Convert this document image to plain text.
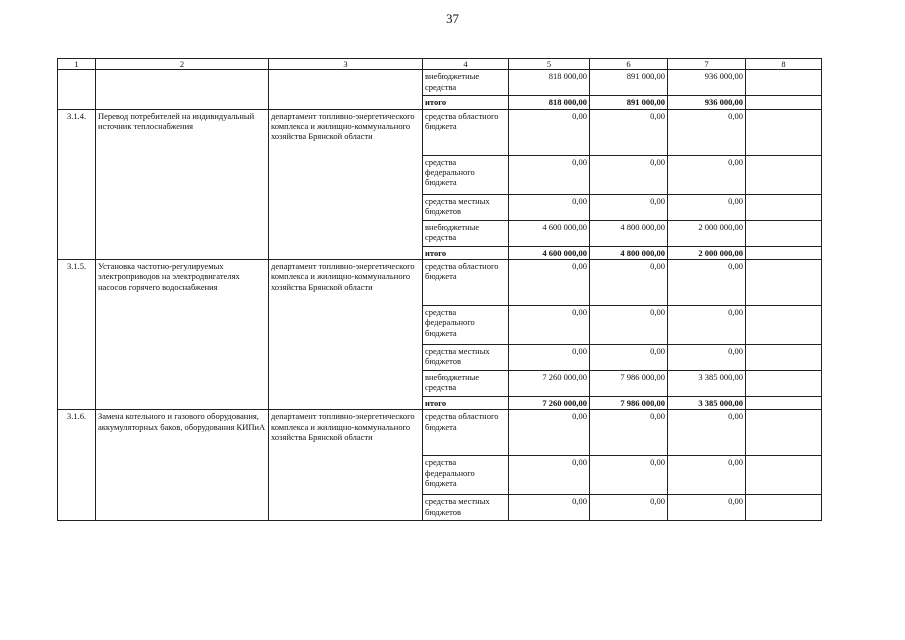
37
1	2	3	4	5	6	7	8
			внебюджетные средства	818 000,00	891 000,00	936 000,00	
			итого	818 000,00	891 000,00	936 000,00	
3.1.4.	Перевод потребителей на индивидуальный источник теплоснабжения	департамент топливно-энергетического комплекса и жилищно-коммунального хозяйства Брянской области	средства областного бюджета	0,00	0,00	0,00	
			средства федерального бюджета	0,00	0,00	0,00	
			средства местных бюджетов	0,00	0,00	0,00	
			внебюджетные средства	4 600 000,00	4 800 000,00	2 000 000,00	
			итого	4 600 000,00	4 800 000,00	2 000 000,00	
3.1.5.	Установка частотно-регулируемых электроприводов на электродвигателях насосов горячего водоснабжения	департамент топливно-энергетического комплекса и жилищно-коммунального хозяйства Брянской области	средства областного бюджета	0,00	0,00	0,00	
			средства федерального бюджета	0,00	0,00	0,00	
			средства местных бюджетов	0,00	0,00	0,00	
			внебюджетные средства	7 260 000,00	7 986 000,00	3 385 000,00	
			итого	7 260 000,00	7 986 000,00	3 385 000,00	
3.1.6.	Замена котельного и газового оборудования, аккумуляторных баков, оборудования КИПиА	департамент топливно-энергетического комплекса и жилищно-коммунального хозяйства Брянской области	средства областного бюджета	0,00	0,00	0,00	
			средства федерального бюджета	0,00	0,00	0,00	
			средства местных бюджетов	0,00	0,00	0,00	
